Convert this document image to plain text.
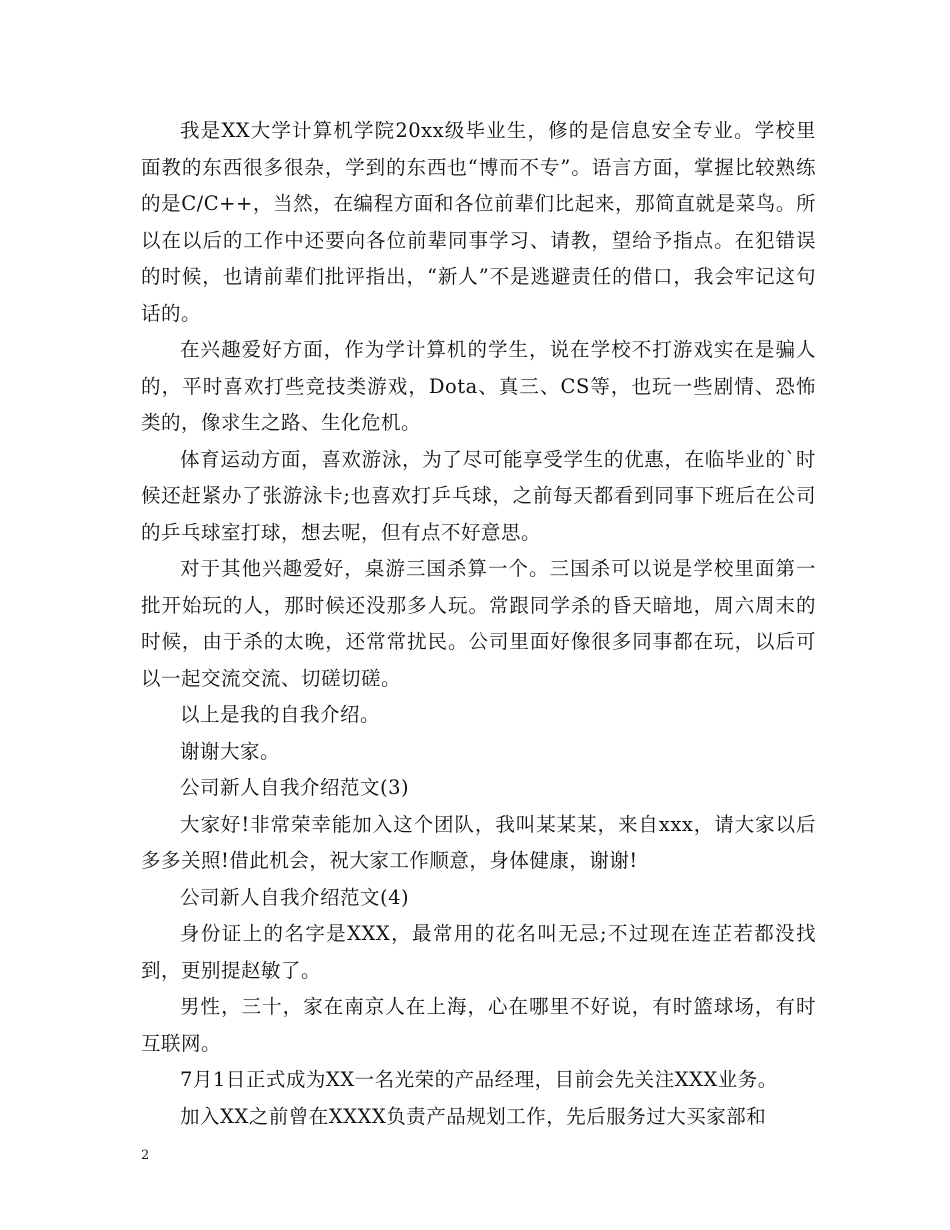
我是XX大学计算机学院20xx级毕业生，修的是信息安全专业。学校里面教的东西很多很杂，学到的东西也“博而不专”。语言方面，掌握比较熟练的是C/C++，当然，在编程方面和各位前辈们比起来，那简直就是菜鸟。所以在以后的工作中还要向各位前辈同事学习、请教，望给予指点。在犯错误的时候，也请前辈们批评指出，“新人”不是逃避责任的借口，我会牢记这句话的。

在兴趣爱好方面，作为学计算机的学生，说在学校不打游戏实在是骗人的，平时喜欢打些竞技类游戏，Dota、真三、CS等，也玩一些剧情、恐怖类的，像求生之路、生化危机。

体育运动方面，喜欢游泳，为了尽可能享受学生的优惠，在临毕业的`时候还赶紧办了张游泳卡;也喜欢打乒乓球，之前每天都看到同事下班后在公司的乒乓球室打球，想去呢，但有点不好意思。

对于其他兴趣爱好，桌游三国杀算一个。三国杀可以说是学校里面第一批开始玩的人，那时候还没那多人玩。常跟同学杀的昏天暗地，周六周末的时候，由于杀的太晚，还常常扰民。公司里面好像很多同事都在玩，以后可以一起交流交流、切磋切磋。

以上是我的自我介绍。

谢谢大家。

公司新人自我介绍范文(3)

大家好!非常荣幸能加入这个团队，我叫某某某，来自xxx，请大家以后多多关照!借此机会，祝大家工作顺意，身体健康，谢谢!

公司新人自我介绍范文(4)

身份证上的名字是XXX，最常用的花名叫无忌;不过现在连芷若都没找到，更别提赵敏了。

男性，三十，家在南京人在上海，心在哪里不好说，有时篮球场，有时互联网。

7月1日正式成为XX一名光荣的产品经理，目前会先关注XXX业务。

加入XX之前曾在XXXX负责产品规划工作，先后服务过大买家部和

2
